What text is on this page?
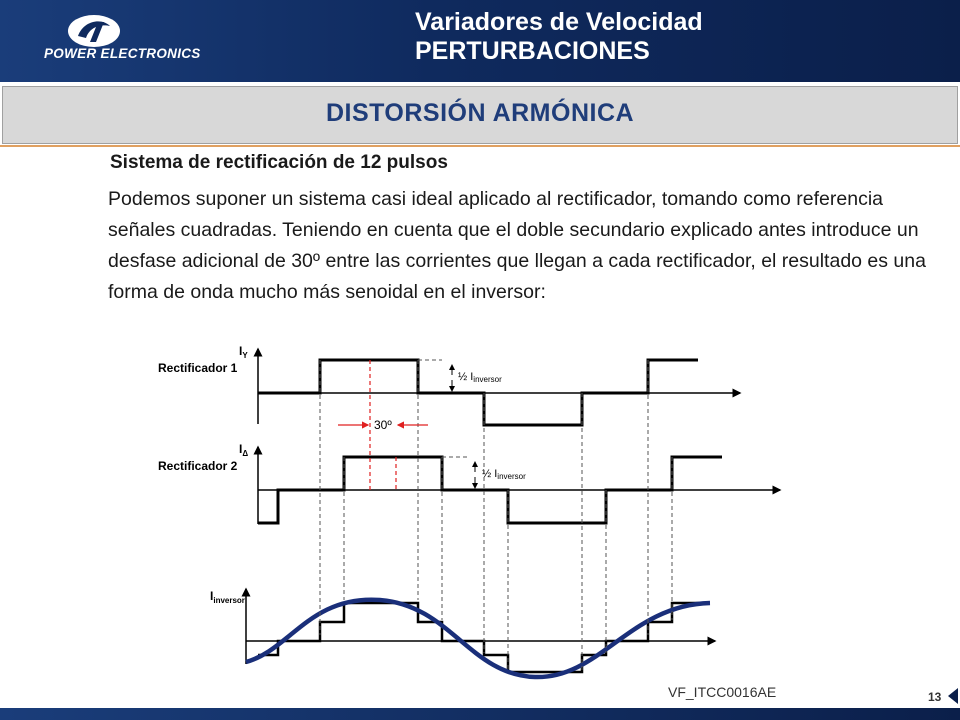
POWER ELECTRONICS
Variadores de Velocidad
PERTURBACIONES
DISTORSIÓN ARMÓNICA
Sistema de rectificación de 12 pulsos
Podemos suponer un sistema casi ideal aplicado al rectificador, tomando como referencia señales cuadradas. Teniendo en cuenta que el doble secundario explicado antes introduce un desfase adicional de 30º entre las corrientes que llegan a cada rectificador, el resultado es una forma de onda mucho más senoidal en el inversor:
Rectificador 1
Rectificador 2
$I_Y$
$I_\Delta$
$I_{inversor}$
30º
½ Iinversor
½ Iinversor
VF_ITCC0016AE	13
